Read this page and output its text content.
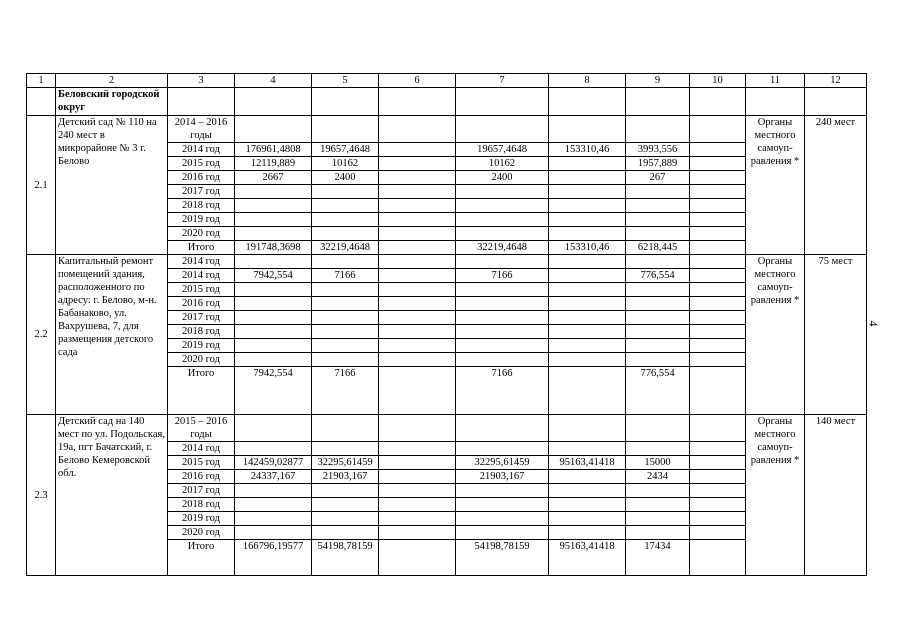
1	2	3	4	5	6	7	8	9	10	11	12
	Беловский городской округ										
2.1	Детский сад № 110 на 240 мест в микрорайоне № 3 г. Белово	2014 – 2016 годы								Органы местного самоуп-равления *	240 мест
		2014 год	176961,4808	19657,4648		19657,4648	153310,46	3993,556			
		2015 год	12119,889	10162		10162		1957,889			
		2016 год	2667	2400		2400		267			
		2017 год									
		2018 год									
		2019 год									
		2020 год									
		Итого	191748,3698	32219,4648		32219,4648	153310,46	6218,445			
2.2	Капитальный ремонт помещений здания, расположенного по адресу: г. Белово, м-н. Бабанаково, ул. Вахрушева, 7, для размещения детского сада	2014 год								Органы местного самоуп-равления *	75 мест
		2014 год	7942,554	7166		7166		776,554			
		2015 год									
		2016 год									
		2017 год									
		2018 год									
		2019 год									
		2020 год									
		Итого	7942,554	7166		7166		776,554			
2.3	Детский сад на 140 мест по ул. Подольская, 19а, пгт Бачатский, г. Белово Кемеровской обл.	2015 – 2016 годы								Органы местного самоуп-равления *	140 мест
		2014 год									
		2015 год	142459,02877	32295,61459		32295,61459	95163,41418	15000			
		2016 год	24337,167	21903,167		21903,167		2434			
		2017 год									
		2018 год									
		2019 год									
		2020 год									
		Итого	166796,19577	54198,78159		54198,78159	95163,41418	17434			
4
